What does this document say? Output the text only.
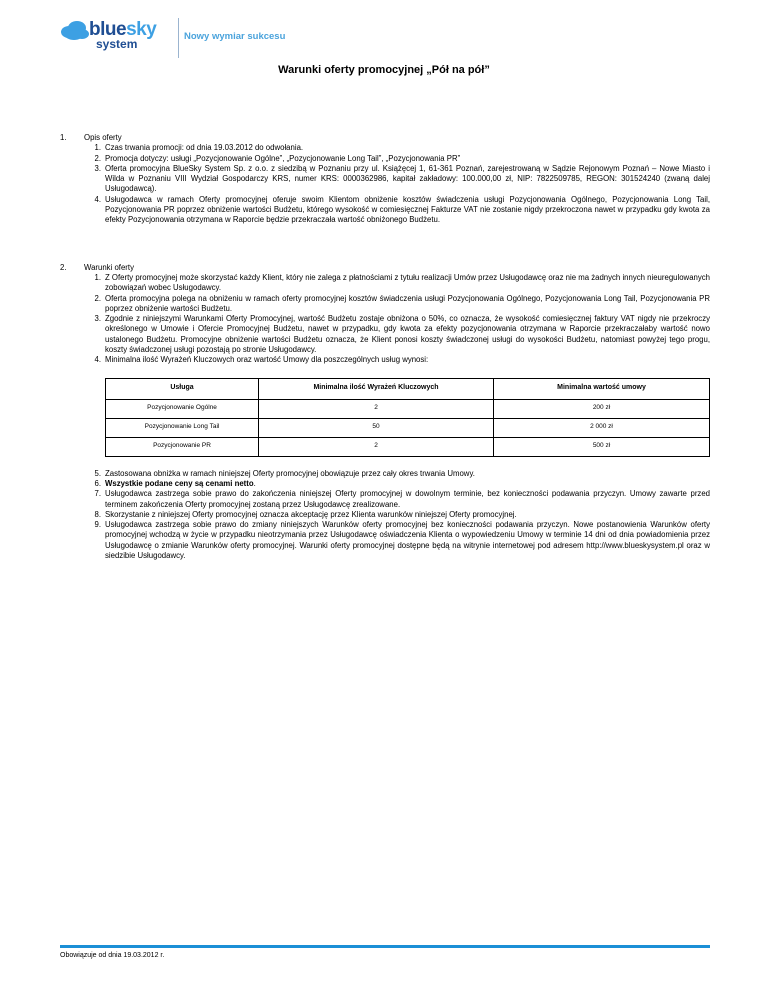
bluesky
system
Nowy wymiar sukcesu
Warunki oferty promocyjnej „Pół na pół”
1. Opis oferty
1. Czas trwania promocji: od dnia 19.03.2012 do odwołania.
2. Promocja dotyczy: usługi „Pozycjonowanie Ogólne”, „Pozycjonowanie Long Tail”, „Pozycjonowania PR”
3. Oferta promocyjna BlueSky System Sp. z o.o. z siedzibą w Poznaniu przy ul. Książęcej 1, 61-361 Poznań, zarejestrowaną w Sądzie Rejonowym Poznań – Nowe Miasto i Wilda w Poznaniu VIII Wydział Gospodarczy KRS, numer KRS: 0000362986, kapitał zakładowy: 100.000,00 zł, NIP: 7822509785, REGON: 301524240 (zwaną dalej Usługodawcą).
4. Usługodawca w ramach Oferty promocyjnej oferuje swoim Klientom obniżenie kosztów świadczenia usługi Pozycjonowania Ogólnego, Pozycjonowania Long Tail, Pozycjonowania PR poprzez obniżenie wartości Budżetu, którego wysokość w comiesięcznej Fakturze VAT nie zostanie nigdy przekroczona nawet w przypadku gdy kwota za efekty Pozycjonowania otrzymana w Raporcie będzie przekraczała wartość obniżonego Budżetu.
2. Warunki oferty
1. Z Oferty promocyjnej może skorzystać każdy Klient, który nie zalega z płatnościami z tytułu realizacji Umów przez Usługodawcę oraz nie ma żadnych innych nieuregulowanych zobowiązań wobec Usługodawcy.
2. Oferta promocyjna polega na obniżeniu w ramach oferty promocyjnej kosztów świadczenia usługi Pozycjonowania Ogólnego, Pozycjonowania Long Tail, Pozycjonowania PR poprzez obniżenie wartości Budżetu.
3. Zgodnie z niniejszymi Warunkami Oferty Promocyjnej, wartość Budżetu zostaje obniżona o 50%, co oznacza, że wysokość comiesięcznej faktury VAT nigdy nie przekroczy określonego w Umowie i Ofercie Promocyjnej Budżetu, nawet w przypadku, gdy kwota za efekty pozycjonowania otrzymana w Raporcie przekraczałaby wartość nowo ustalonego Budżetu. Promocyjne obniżenie wartości Budżetu oznacza, że Klient ponosi koszty świadczonej usługi do wysokości Budżetu, natomiast powyżej tego progu, koszty świadczonej usługi pozostają po stronie Usługodawcy.
4. Minimalna ilość Wyrażeń Kluczowych oraz wartość Umowy dla poszczególnych usług wynosi:
Usługa	Minimalna ilość Wyrażeń Kluczowych	Minimalna wartość umowy
Pozycjonowanie Ogólne	2	200 zł
Pozycjonowanie Long Tail	50	2 000 zł
Pozycjonowanie PR	2	500 zł
5. Zastosowana obniżka w ramach niniejszej Oferty promocyjnej obowiązuje przez cały okres trwania Umowy.
6. Wszystkie podane ceny są cenami netto.
7. Usługodawca zastrzega sobie prawo do zakończenia niniejszej Oferty promocyjnej w dowolnym terminie, bez konieczności podawania przyczyn. Umowy zawarte przed terminem zakończenia Oferty promocyjnej zostaną przez Usługodawcę zrealizowane.
8. Skorzystanie z niniejszej Oferty promocyjnej oznacza akceptację przez Klienta warunków niniejszej Oferty promocyjnej.
9. Usługodawca zastrzega sobie prawo do zmiany niniejszych Warunków oferty promocyjnej bez konieczności podawania przyczyn. Nowe postanowienia Warunków oferty promocyjnej wchodzą w życie w przypadku nieotrzymania przez Usługodawcę oświadczenia Klienta o wypowiedzeniu Umowy w terminie 14 dni od dnia powiadomienia przez Usługodawcę o zmianie Warunków oferty promocyjnej. Warunki oferty promocyjnej dostępne będą na witrynie internetowej pod adresem http://www.blueskysystem.pl oraz w siedzibie Usługodawcy.
Obowiązuje od dnia 19.03.2012 r.
